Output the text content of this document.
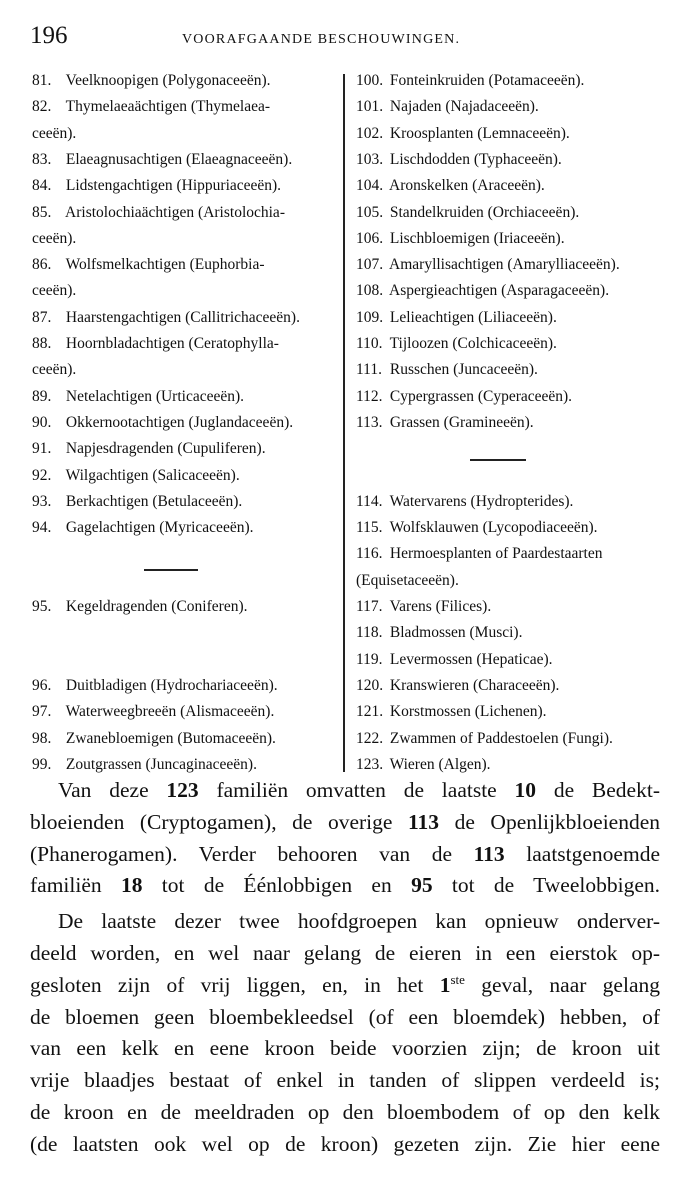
196	VOORAFGAANDE BESCHOUWINGEN.
81. Veelknoopigen (Polygonaceeën).
82. Thymelaeaächtigen (Thymelaea-
ceeën).
83. Elaeagnusachtigen (Elaeagnaceeën).
84. Lidstengachtigen (Hippuriaceeën).
85. Aristolochiaächtigen (Aristolochia-
ceeën).
86. Wolfsmelkachtigen (Euphorbia-
ceeën).
87. Haarstengachtigen (Callitrichaceeën).
88. Hoornbladachtigen (Ceratophylla-
ceeën).
89. Netelachtigen (Urticaceeën).
90. Okkernootachtigen (Juglandaceeën).
91. Napjesdragenden (Cupuliferen).
92. Wilgachtigen (Salicaceeën).
93. Berkachtigen (Betulaceeën).
94. Gagelachtigen (Myricaceeën).
95. Kegeldragenden (Coniferen).
96. Duitbladigen (Hydrochariaceeën).
97. Waterweegbreeën (Alismaceeën).
98. Zwanebloemigen (Butomaceeën).
99. Zoutgrassen (Juncaginaceeën).
100. Fonteinkruiden (Potamaceeën).
101. Najaden (Najadaceeën).
102. Kroosplanten (Lemnaceeën).
103. Lischdodden (Typhaceeën).
104. Aronskelken (Araceeën).
105. Standelkruiden (Orchiaceeën).
106. Lischbloemigen (Iriaceeën).
107. Amaryllisachtigen (Amarylliaceeën).
108. Aspergieachtigen (Asparagaceeën).
109. Lelieachtigen (Liliaceeën).
110. Tijloozen (Colchicaceeën).
111. Russchen (Juncaceeën).
112. Cypergrassen (Cyperaceeën).
113. Grassen (Gramineeën).
114. Watervarens (Hydropterides).
115. Wolfsklauwen (Lycopodiaceeën).
116. Hermoesplanten of Paardestaarten
(Equisetaceeën).
117. Varens (Filices).
118. Bladmossen (Musci).
119. Levermossen (Hepaticae).
120. Kranswieren (Characeeën).
121. Korstmossen (Lichenen).
122. Zwammen of Paddestoelen (Fungi).
123. Wieren (Algen).

Van deze 123 familiën omvatten de laatste 10 de Bedekt-
bloeienden (Cryptogamen), de overige 113 de Openlijkbloeienden
(Phanerogamen). Verder behooren van de 113 laatstgenoemde
familiën 18 tot de Éénlobbigen en 95 tot de Tweelobbigen.

De laatste dezer twee hoofdgroepen kan opnieuw onderver-
deeld worden, en wel naar gelang de eieren in een eierstok op-
gesloten zijn of vrij liggen, en, in het 1ste geval, naar gelang
de bloemen geen bloembekleedsel (of een bloemdek) hebben, of
van een kelk en eene kroon beide voorzien zijn; de kroon uit
vrije blaadjes bestaat of enkel in tanden of slippen verdeeld is;
de kroon en de meeldraden op den bloembodem of op den kelk
(de laatsten ook wel op de kroon) gezeten zijn. Zie hier eene
